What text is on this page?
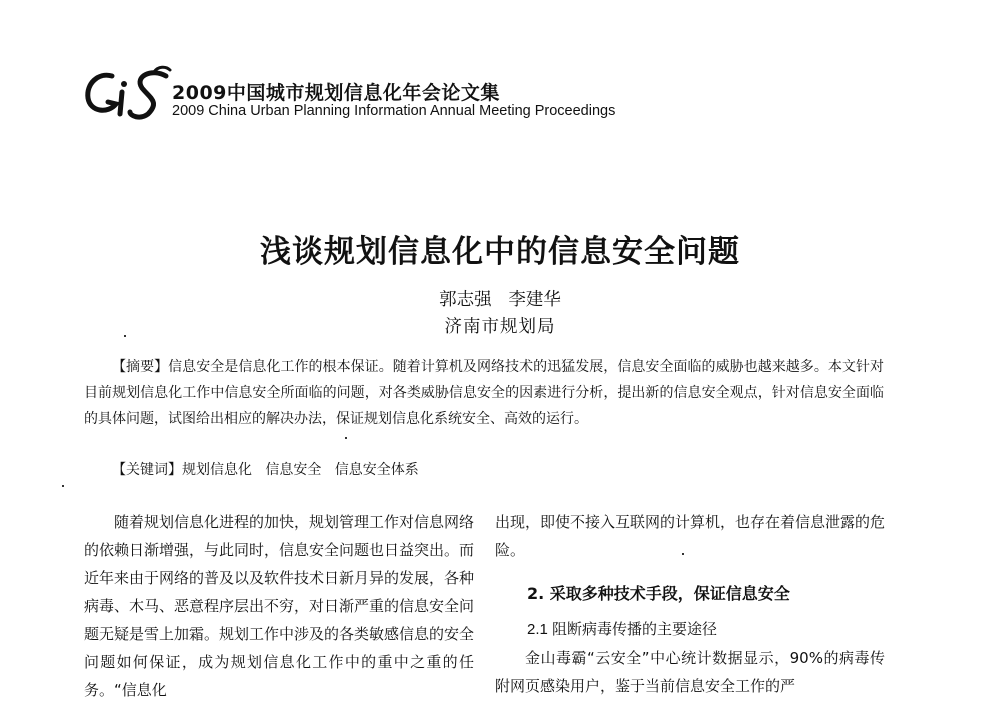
2009中国城市规划信息化年会论文集
2009 China Urban Planning Information Annual Meeting Proceedings
浅谈规划信息化中的信息安全问题
郭志强   李建华
济南市规划局
【摘要】信息安全是信息化工作的根本保证。随着计算机及网络技术的迅猛发展，信息安全面临的威胁也越来越多。本文针对目前规划信息化工作中信息安全所面临的问题，对各类威胁信息安全的因素进行分析，提出新的信息安全观点，针对信息安全面临的具体问题，试图给出相应的解决办法，保证规划信息化系统安全、高效的运行。
【关键词】规划信息化   信息安全   信息安全体系
随着规划信息化进程的加快，规划管理工作对信息网络的依赖日渐增强，与此同时，信息安全问题也日益突出。而近年来由于网络的普及以及软件技术日新月异的发展，各种病毒、木马、恶意程序层出不穷，对日渐严重的信息安全问题无疑是雪上加霜。规划工作中涉及的各类敏感信息的安全问题如何保证，成为规划信息化工作中的重中之重的任务。“信息化
出现，即使不接入互联网的计算机，也存在着信息泄露的危险。
2. 采取多种技术手段，保证信息安全
2.1 阻断病毒传播的主要途径
金山毒霸“云安全”中心统计数据显示，90%的病毒传附网页感染用户，鉴于当前信息安全工作的严
